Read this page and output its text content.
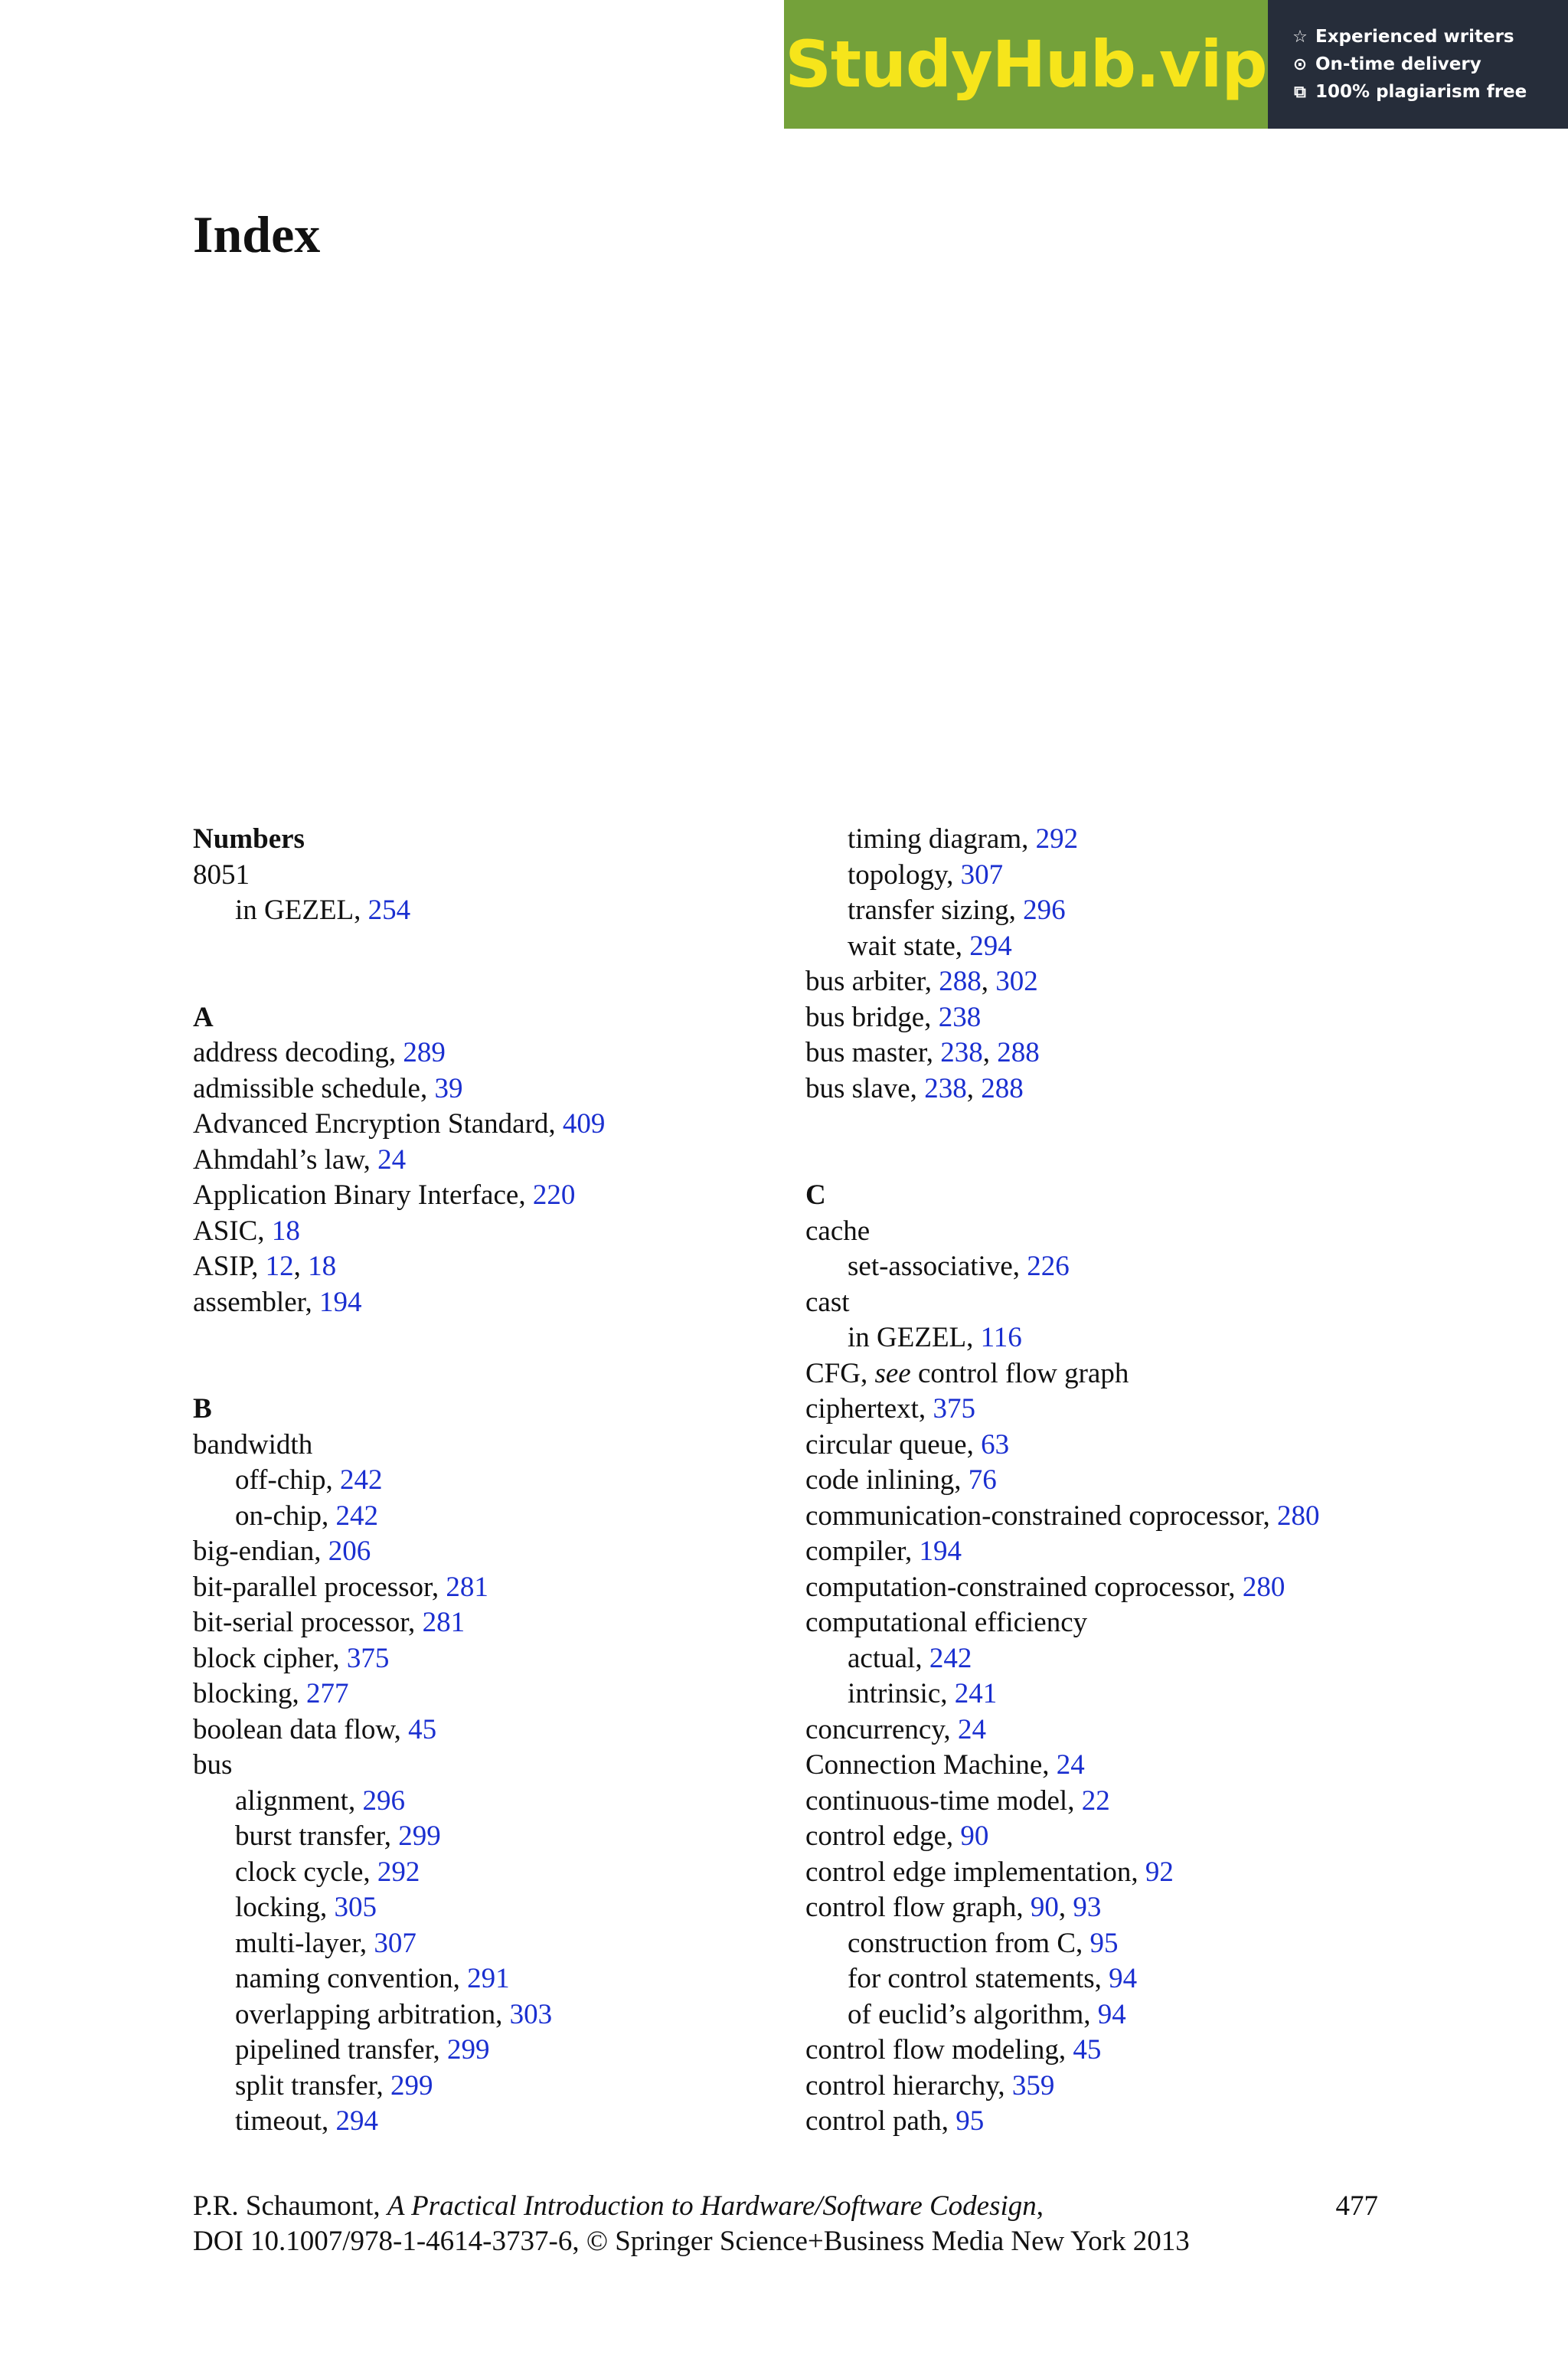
StudyHub.vip ☆ Experienced writers
⊙ On-time delivery
⧉ 100% plagiarism free
Index
Numbers
8051
in GEZEL, 254
A
address decoding, 289
admissible schedule, 39
Advanced Encryption Standard, 409
Ahmdahl’s law, 24
Application Binary Interface, 220
ASIC, 18
ASIP, 12, 18
assembler, 194
B
bandwidth
off-chip, 242
on-chip, 242
big-endian, 206
bit-parallel processor, 281
bit-serial processor, 281
block cipher, 375
blocking, 277
boolean data flow, 45
bus
alignment, 296
burst transfer, 299
clock cycle, 292
locking, 305
multi-layer, 307
naming convention, 291
overlapping arbitration, 303
pipelined transfer, 299
split transfer, 299
timeout, 294
timing diagram, 292
topology, 307
transfer sizing, 296
wait state, 294
bus arbiter, 288, 302
bus bridge, 238
bus master, 238, 288
bus slave, 238, 288
C
cache
set-associative, 226
cast
in GEZEL, 116
CFG, see control flow graph
ciphertext, 375
circular queue, 63
code inlining, 76
communication-constrained coprocessor, 280
compiler, 194
computation-constrained coprocessor, 280
computational efficiency
actual, 242
intrinsic, 241
concurrency, 24
Connection Machine, 24
continuous-time model, 22
control edge, 90
control edge implementation, 92
control flow graph, 90, 93
construction from C, 95
for control statements, 94
of euclid’s algorithm, 94
control flow modeling, 45
control hierarchy, 359
control path, 95
P.R. Schaumont, A Practical Introduction to Hardware/Software Codesign,	477
DOI 10.1007/978-1-4614-3737-6, © Springer Science+Business Media New York 2013
